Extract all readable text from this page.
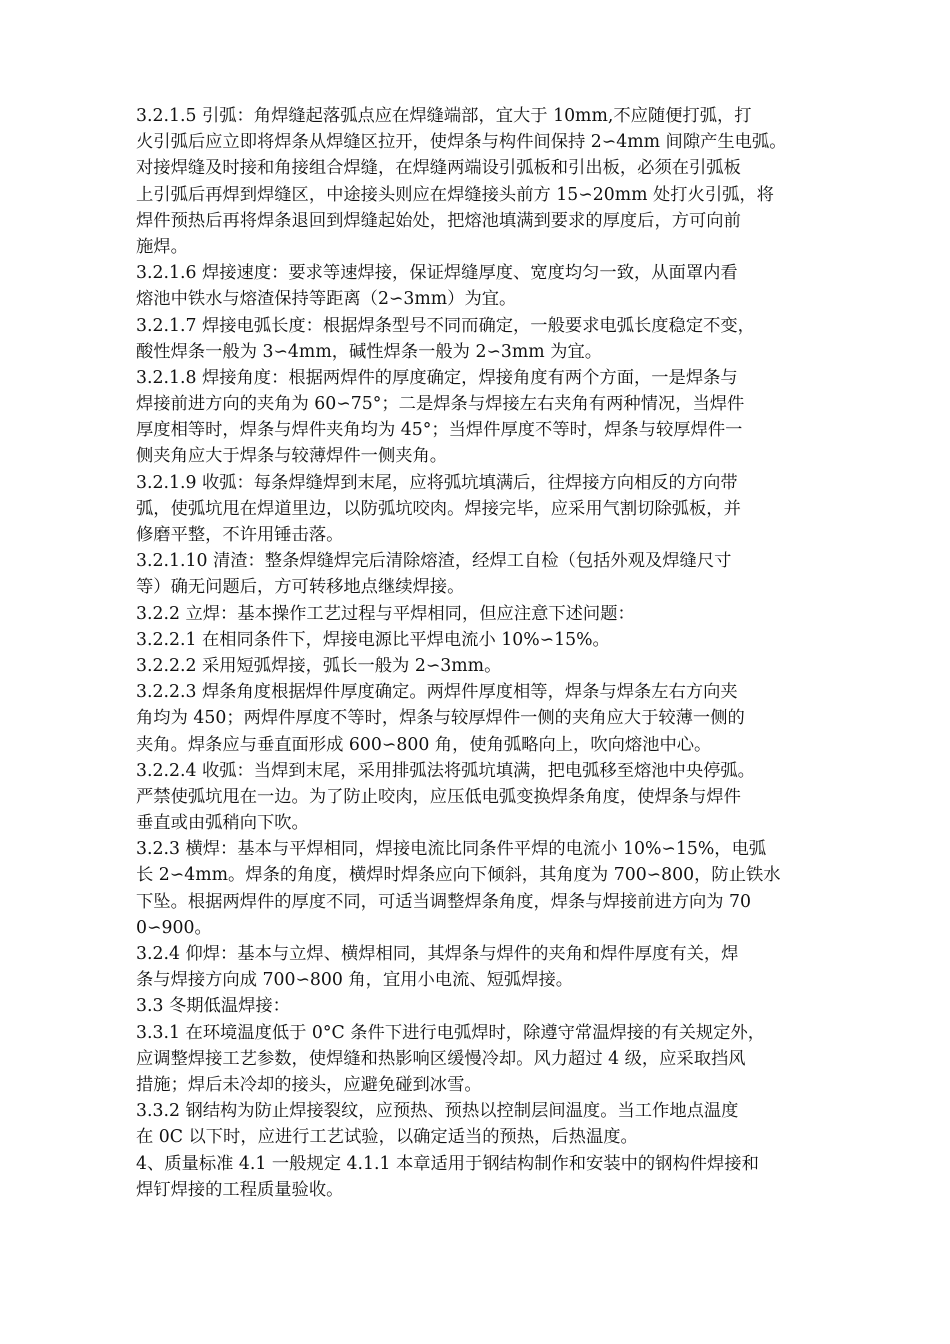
3.2.1.5 引弧：角焊缝起落弧点应在焊缝端部，宜大于 10mm,不应随便打弧，打
火引弧后应立即将焊条从焊缝区拉开，使焊条与构件间保持 2∽4mm 间隙产生电弧。
对接焊缝及时接和角接组合焊缝，在焊缝两端设引弧板和引出板，必须在引弧板
上引弧后再焊到焊缝区，中途接头则应在焊缝接头前方 15∽20mm 处打火引弧，将
焊件预热后再将焊条退回到焊缝起始处，把熔池填满到要求的厚度后，方可向前
施焊。
3.2.1.6 焊接速度：要求等速焊接，保证焊缝厚度、宽度均匀一致，从面罩内看
熔池中铁水与熔渣保持等距离（2∽3mm）为宜。
3.2.1.7 焊接电弧长度：根据焊条型号不同而确定，一般要求电弧长度稳定不变，
酸性焊条一般为 3∽4mm，碱性焊条一般为 2∽3mm 为宜。
3.2.1.8 焊接角度：根据两焊件的厚度确定，焊接角度有两个方面，一是焊条与
焊接前进方向的夹角为 60∽75°；二是焊条与焊接左右夹角有两种情况，当焊件
厚度相等时，焊条与焊件夹角均为 45°；当焊件厚度不等时，焊条与较厚焊件一
侧夹角应大于焊条与较薄焊件一侧夹角。
3.2.1.9 收弧：每条焊缝焊到末尾，应将弧坑填满后，往焊接方向相反的方向带
弧，使弧坑甩在焊道里边，以防弧坑咬肉。焊接完毕，应采用气割切除弧板，并
修磨平整，不许用锤击落。
3.2.1.10 清渣：整条焊缝焊完后清除熔渣，经焊工自检（包括外观及焊缝尺寸
等）确无问题后，方可转移地点继续焊接。
3.2.2 立焊：基本操作工艺过程与平焊相同，但应注意下述问题：
3.2.2.1 在相同条件下，焊接电源比平焊电流小 10%∽15%。
3.2.2.2 采用短弧焊接，弧长一般为 2∽3mm。
3.2.2.3 焊条角度根据焊件厚度确定。两焊件厚度相等，焊条与焊条左右方向夹
角均为 450；两焊件厚度不等时，焊条与较厚焊件一侧的夹角应大于较薄一侧的
夹角。焊条应与垂直面形成 600∽800 角，使角弧略向上，吹向熔池中心。
3.2.2.4 收弧：当焊到末尾，采用排弧法将弧坑填满，把电弧移至熔池中央停弧。
严禁使弧坑甩在一边。为了防止咬肉，应压低电弧变换焊条角度，使焊条与焊件
垂直或由弧稍向下吹。
3.2.3 横焊：基本与平焊相同，焊接电流比同条件平焊的电流小 10%∽15%，电弧
长 2∽4mm。焊条的角度，横焊时焊条应向下倾斜，其角度为 700∽800，防止铁水
下坠。根据两焊件的厚度不同，可适当调整焊条角度，焊条与焊接前进方向为 70
0∽900。
3.2.4 仰焊：基本与立焊、横焊相同，其焊条与焊件的夹角和焊件厚度有关，焊
条与焊接方向成 700∽800 角，宜用小电流、短弧焊接。
3.3 冬期低温焊接：
3.3.1 在环境温度低于 0°C 条件下进行电弧焊时，除遵守常温焊接的有关规定外，
应调整焊接工艺参数，使焊缝和热影响区缓慢冷却。风力超过 4 级，应采取挡风
措施；焊后未冷却的接头，应避免碰到冰雪。
3.3.2 钢结构为防止焊接裂纹，应预热、预热以控制层间温度。当工作地点温度
在 0C 以下时，应进行工艺试验，以确定适当的预热，后热温度。
4、质量标准 4.1 一般规定 4.1.1 本章适用于钢结构制作和安装中的钢构件焊接和
焊钉焊接的工程质量验收。
